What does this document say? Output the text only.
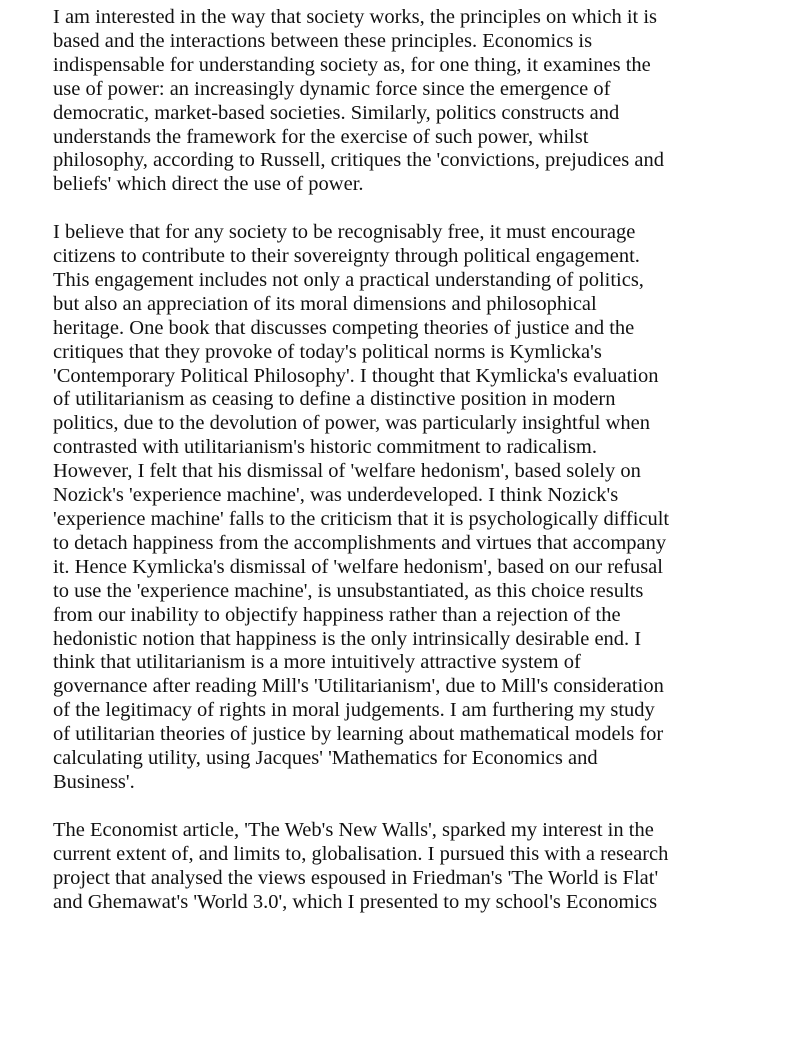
I am interested in the way that society works, the principles on which it is
based and the interactions between these principles. Economics is
indispensable for understanding society as, for one thing, it examines the
use of power: an increasingly dynamic force since the emergence of
democratic, market-based societies. Similarly, politics constructs and
understands the framework for the exercise of such power, whilst
philosophy, according to Russell, critiques the 'convictions, prejudices and
beliefs' which direct the use of power.

I believe that for any society to be recognisably free, it must encourage
citizens to contribute to their sovereignty through political engagement.
This engagement includes not only a practical understanding of politics,
but also an appreciation of its moral dimensions and philosophical
heritage. One book that discusses competing theories of justice and the
critiques that they provoke of today's political norms is Kymlicka's
'Contemporary Political Philosophy'. I thought that Kymlicka's evaluation
of utilitarianism as ceasing to define a distinctive position in modern
politics, due to the devolution of power, was particularly insightful when
contrasted with utilitarianism's historic commitment to radicalism.
However, I felt that his dismissal of 'welfare hedonism', based solely on
Nozick's 'experience machine', was underdeveloped. I think Nozick's
'experience machine' falls to the criticism that it is psychologically difficult
to detach happiness from the accomplishments and virtues that accompany
it. Hence Kymlicka's dismissal of 'welfare hedonism', based on our refusal
to use the 'experience machine', is unsubstantiated, as this choice results
from our inability to objectify happiness rather than a rejection of the
hedonistic notion that happiness is the only intrinsically desirable end. I
think that utilitarianism is a more intuitively attractive system of
governance after reading Mill's 'Utilitarianism', due to Mill's consideration
of the legitimacy of rights in moral judgements. I am furthering my study
of utilitarian theories of justice by learning about mathematical models for
calculating utility, using Jacques' 'Mathematics for Economics and
Business'.

The Economist article, 'The Web's New Walls', sparked my interest in the
current extent of, and limits to, globalisation. I pursued this with a research
project that analysed the views espoused in Friedman's 'The World is Flat'
and Ghemawat's 'World 3.0', which I presented to my school's Economics
